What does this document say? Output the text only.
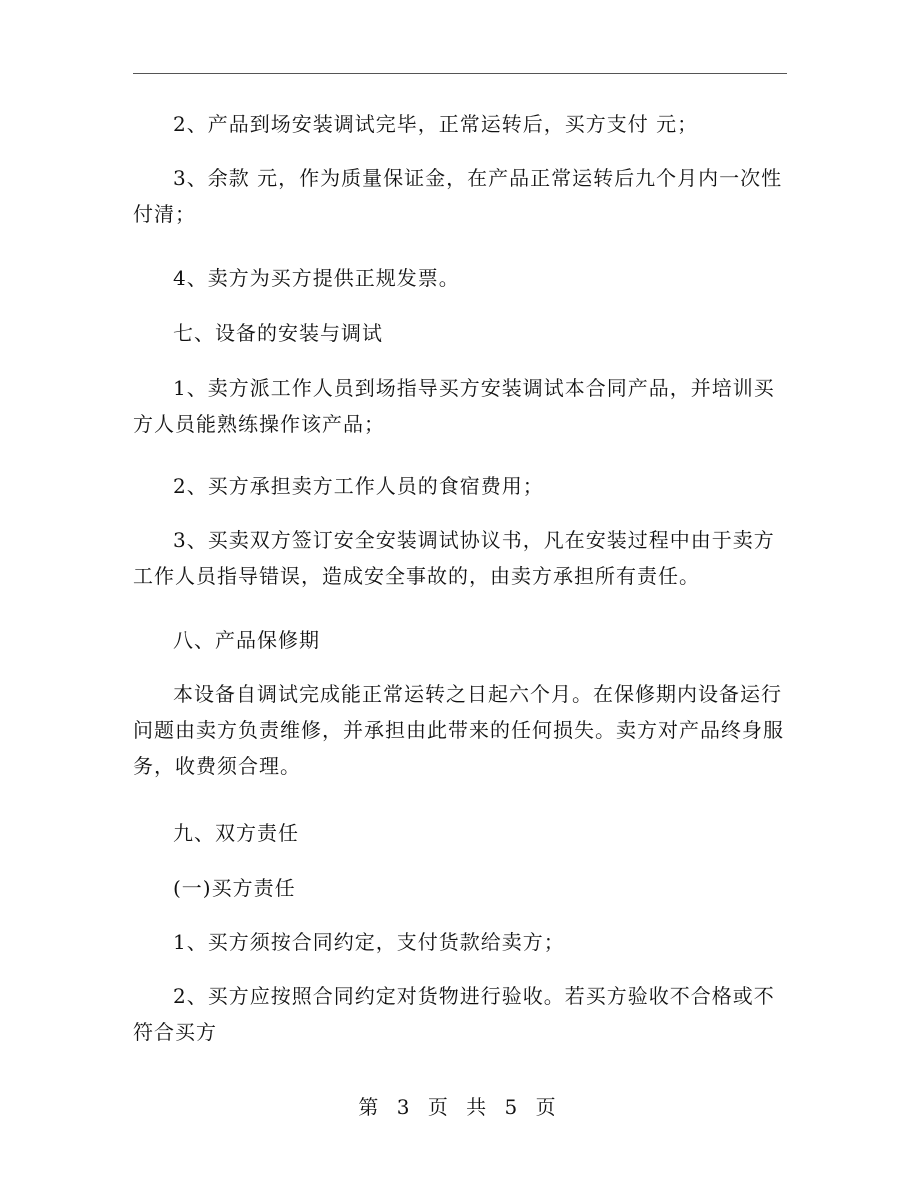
2、产品到场安装调试完毕，正常运转后，买方支付 元；
3、余款 元，作为质量保证金，在产品正常运转后九个月内一次性付清；
4、卖方为买方提供正规发票。
七、设备的安装与调试
1、卖方派工作人员到场指导买方安装调试本合同产品，并培训买方人员能熟练操作该产品；
2、买方承担卖方工作人员的食宿费用；
3、买卖双方签订安全安装调试协议书，凡在安装过程中由于卖方工作人员指导错误，造成安全事故的，由卖方承担所有责任。
八、产品保修期
本设备自调试完成能正常运转之日起六个月。在保修期内设备运行问题由卖方负责维修，并承担由此带来的任何损失。卖方对产品终身服务，收费须合理。
九、双方责任
(一)买方责任
1、买方须按合同约定，支付货款给卖方；
2、买方应按照合同约定对货物进行验收。若买方验收不合格或不符合买方
第 3 页 共 5 页
